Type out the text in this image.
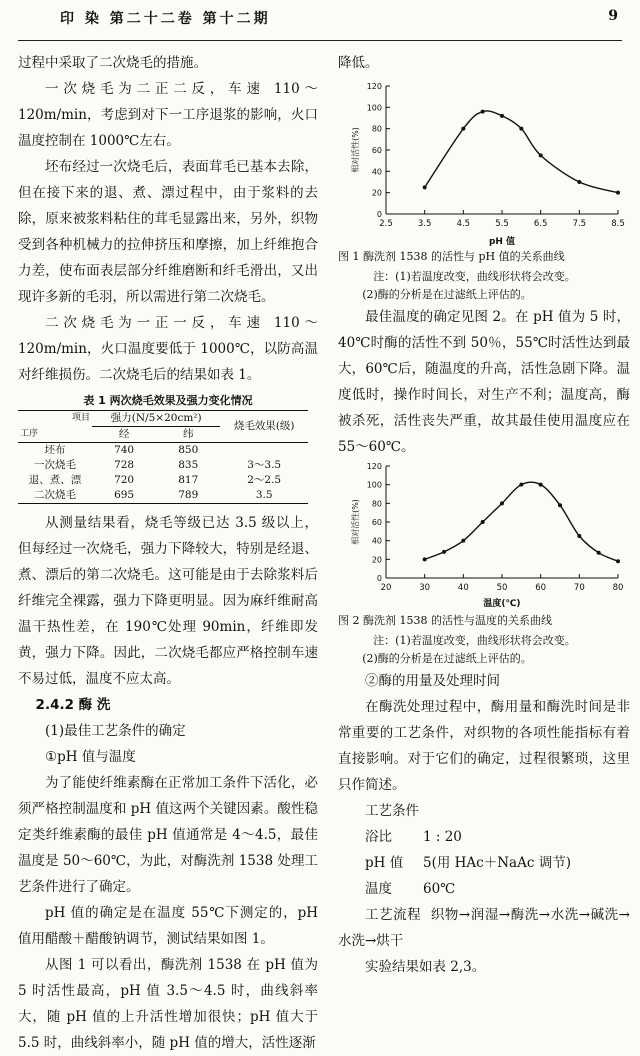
印 染 第二十二卷 第十二期	9

过程中采取了二次烧毛的措施。

一次烧毛为二正二反，车速 110～120m/min，考虑到对下一工序退浆的影响，火口温度控制在 1000℃左右。

坯布经过一次烧毛后，表面茸毛已基本去除，但在接下来的退、煮、漂过程中，由于浆料的去除，原来被浆料粘住的茸毛显露出来，另外，织物受到各种机械力的拉伸挤压和摩擦，加上纤维抱合力差，使布面表层部分纤维磨断和纤毛滑出，又出现许多新的毛羽，所以需进行第二次烧毛。

二次烧毛为一正一反，车速 110～120m/min，火口温度要低于 1000℃，以防高温对纤维损伤。二次烧毛后的结果如表 1。

表 1 两次烧毛效果及强力变化情况
项目
工序	强力(N/5×20cm²)		烧毛效果(级)
	经	纬	
坯布	740	850	
一次烧毛	728	835	3～3.5
退、煮、漂	720	817	2～2.5
二次烧毛	695	789	3.5

从测量结果看，烧毛等级已达 3.5 级以上，但每经过一次烧毛，强力下降较大，特别是经退、煮、漂后的第二次烧毛。这可能是由于去除浆料后纤维完全裸露，强力下降更明显。因为麻纤维耐高温干热性差，在 190℃处理 90min，纤维即发黄，强力下降。因此，二次烧毛都应严格控制车速不易过低，温度不应太高。

2.4.2 酶 洗

(1)最佳工艺条件的确定

①pH 值与温度

为了能使纤维素酶在正常加工条件下活化，必须严格控制温度和 pH 值这两个关键因素。酸性稳定类纤维素酶的最佳 pH 值通常是 4～4.5，最佳温度是 50～60℃，为此，对酶洗剂 1538 处理工艺条件进行了确定。

pH 值的确定是在温度 55℃下测定的，pH 值用醋酸＋醋酸钠调节，测试结果如图 1。

从图 1 可以看出，酶洗剂 1538 在 pH 值为 5 时活性最高，pH 值 3.5～4.5 时，曲线斜率大，随 pH 值的上升活性增加很快；pH 值大于 5.5 时，曲线斜率小，随 pH 值的增大，活性逐渐

降低。

0
20
40
60
80
100
120
2.5	3.5	4.5	5.5	6.5	7.5	8.5
pH 值
相对活性(%)

图 1 酶洗剂 1538 的活性与 pH 值的关系曲线

注：(1)若温度改变，曲线形状将会改变。

(2)酶的分析是在过滤纸上评估的。

最佳温度的确定见图 2。在 pH 值为 5 时，40℃时酶的活性不到 50％，55℃时活性达到最大，60℃后，随温度的升高，活性急剧下降。温度低时，操作时间长，对生产不利；温度高，酶被杀死，活性丧失严重，故其最佳使用温度应在 55～60℃。

0
20
40
60
80
100
120
20	30	40	50	60	70	80
温度(℃)
相对活性(%)

图 2 酶洗剂 1538 的活性与温度的关系曲线

注：(1)若温度改变，曲线形状将会改变。

(2)酶的分析是在过滤纸上评估的。

②酶的用量及处理时间

在酶洗处理过程中，酶用量和酶洗时间是非常重要的工艺条件，对织物的各项性能指标有着直接影响。对于它们的确定，过程很繁琐，这里只作简述。

工艺条件

浴比	1 : 20
pH 值	5(用 HAc＋NaAc 调节)
温度	60℃

工艺流程 织物→润湿→酶洗→水洗→碱洗→水洗→烘干

实验结果如表 2,3。
